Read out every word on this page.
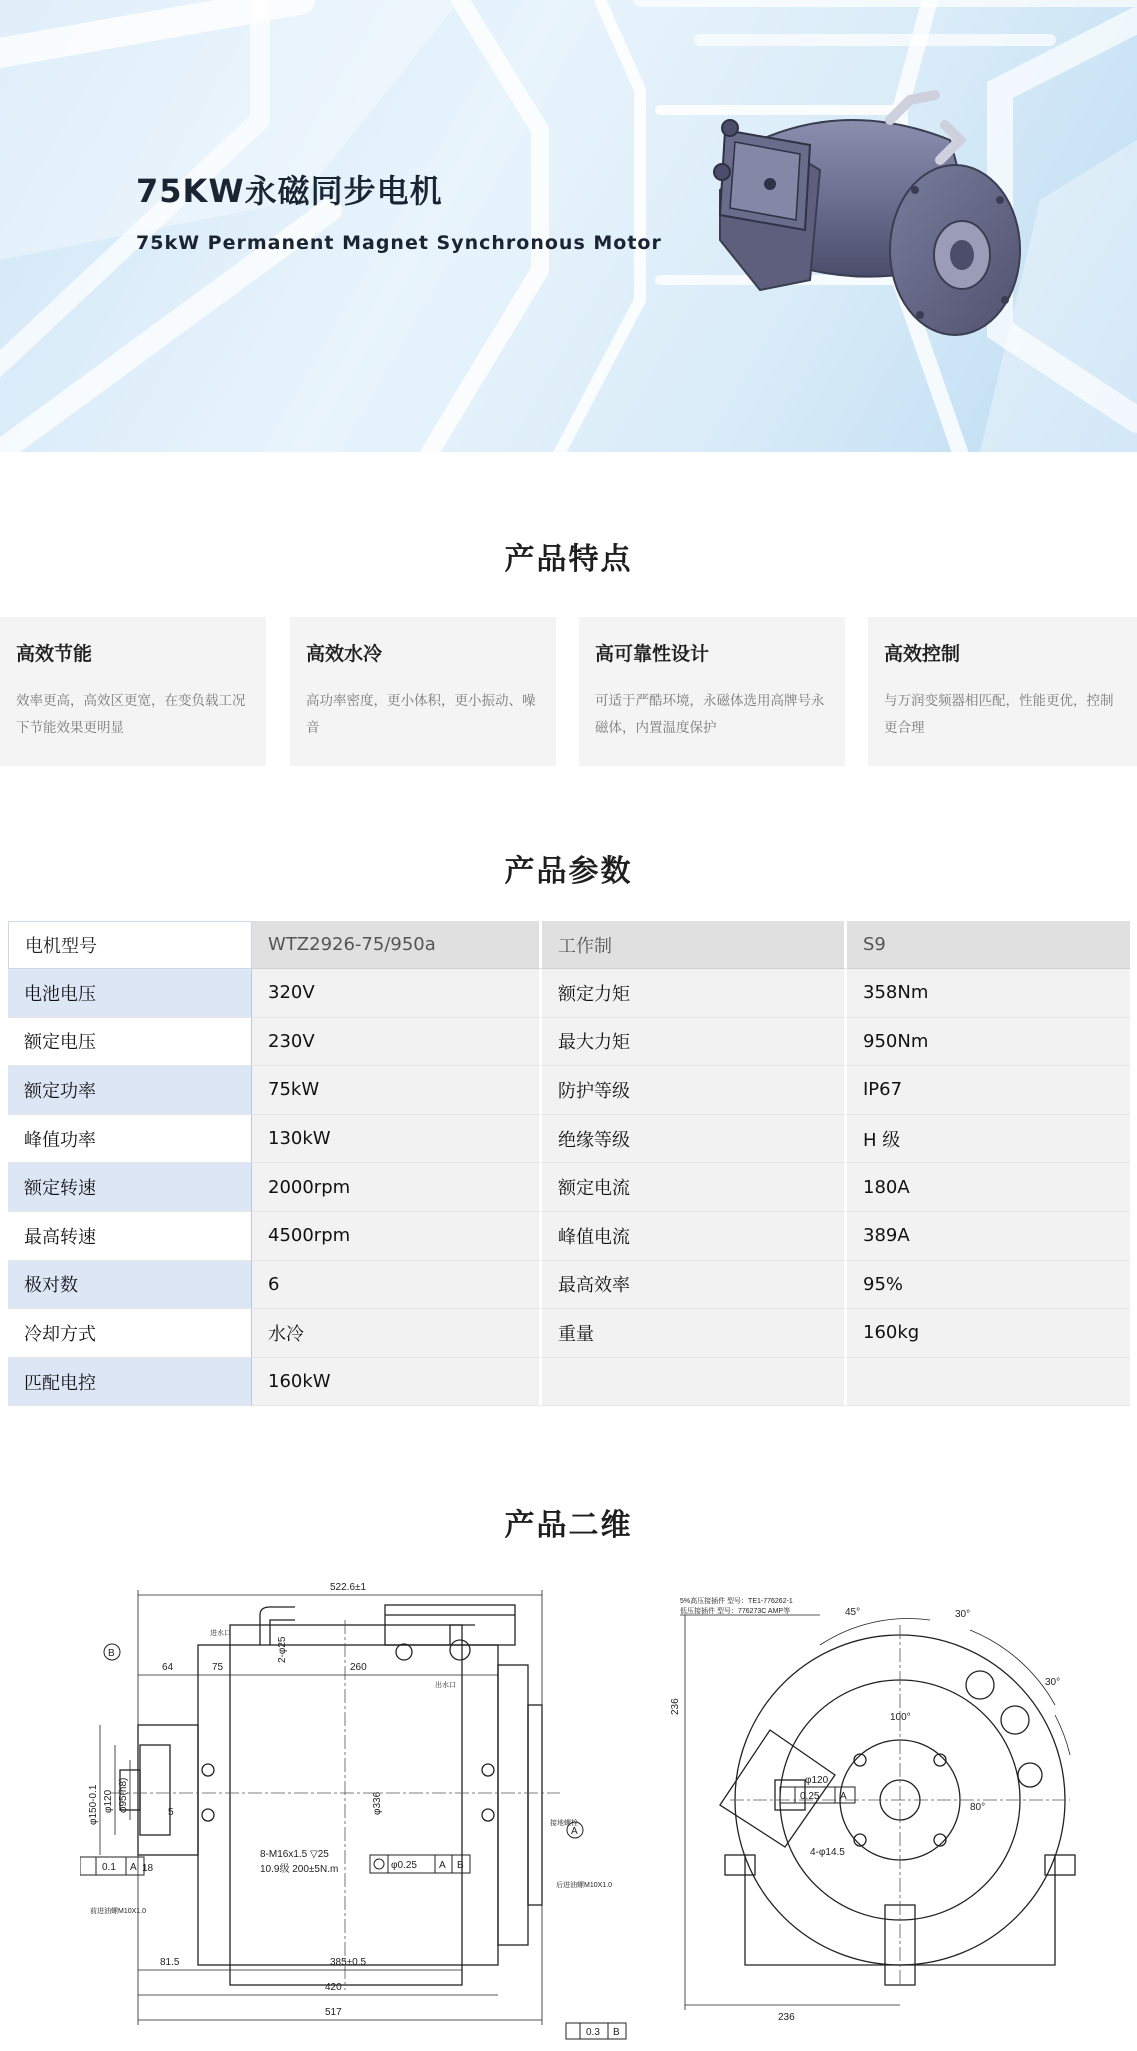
75KW永磁同步电机
75kW Permanent Magnet Synchronous Motor
产品特点
高效节能

效率更高，高效区更宽，在变负载工况下节能效果更明显

高效水冷

高功率密度，更小体积，更小振动、噪音

高可靠性设计

可适于严酷环境，永磁体选用高牌号永磁体，内置温度保护

高效控制

与万润变频器相匹配，性能更优，控制更合理

产品参数
电机型号	WTZ2926-75/950a	工作制	S9
电池电压	320V	额定力矩	358Nm
额定电压	230V	最大力矩	950Nm
额定功率	75kW	防护等级	IP67
峰值功率	130kW	绝缘等级	H 级
额定转速	2000rpm	额定电流	180A
最高转速	4500rpm	峰值电流	389A
极对数	6	最高效率	95%
冷却方式	水冷	重量	160kg
匹配电控	160kW		
产品二维
522.6±1
64	75	260
2-φ25
φ336
φ150-0.1 φ120 φ95(h8)	5
18
81.5	385±0.5
420
517
8-M16x1.5 ▽25
10.9级 200±5N.m
进水口
出水口
前进油螺M10X1.0
后进油螺M10X1.0
接地螺栓
φ0.25 A B
0.1 A
0.3 B
B
A
236
236
45°	30°
30°
100°
80°
φ120
4-φ14.5
5%高压接插件 型号：TE1-776262-1
低压接插件 型号：776273C AMP等
0.25 A
